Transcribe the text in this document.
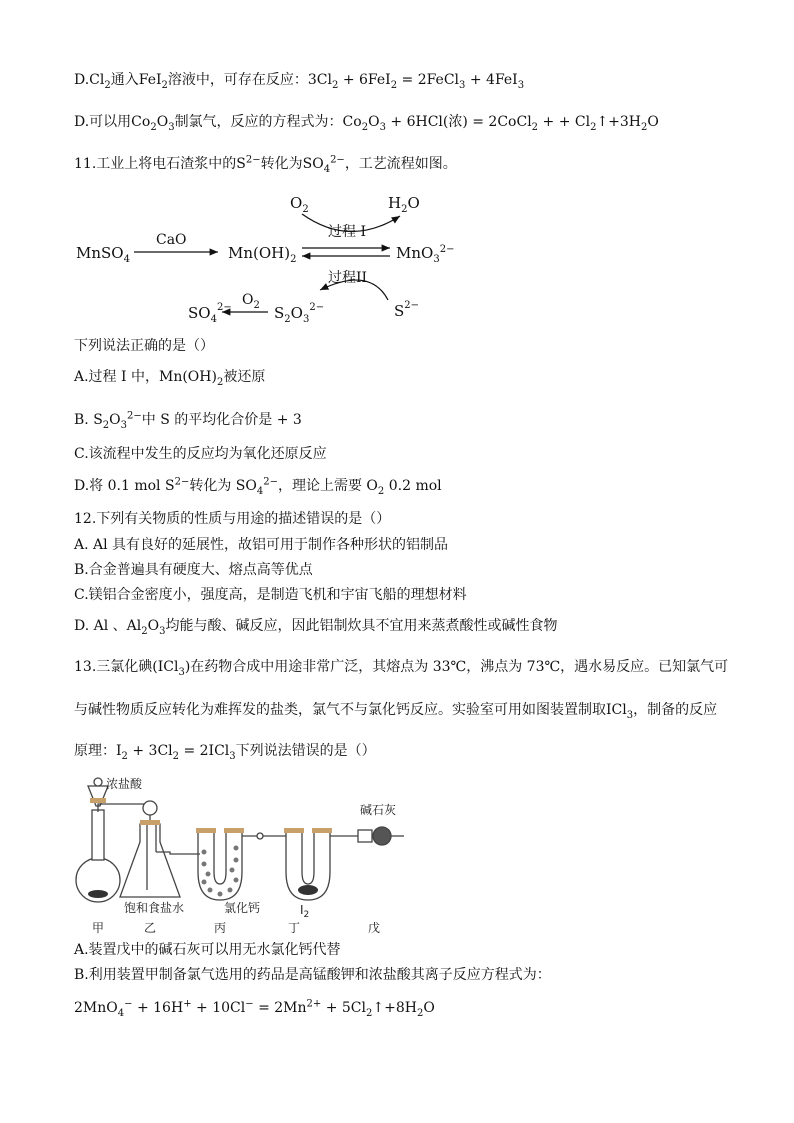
$D.Cl_2$通入FeI$_2$溶液中，可存在反应：$3Cl_2 + 6FeI_2$ = 2FeCl$_3$ + 4FeI$_3$
D.可以用$Co_2O_3$制氯气，反应的方程式为：$Co_2O_3 + 6HCl$(浓) = 2CoCl$_2$ + + $Cl_2↑+3H_2O$
11.工业上将电石渣浆中的$S^{2-}$转化为$SO_4^{2-}$，工艺流程如图。
$O_2$	$H_2O$
过程 I
MnSO$_4$
CaO
$Mn(OH)_2$	MnO$_3^{2-}$
过程II
$S^{2-}$
$S_2O_3^{2-}$
$O_2$
$SO_4^{2-}$
下列说法正确的是（）
A.过程 I 中，$Mn(OH)_2$被还原
B. $S_2O_3^{2-}$中 S 的平均化合价是 + 3
C.该流程中发生的反应均为氧化还原反应
D.将 0.1 mol $S^{2-}$转化为 $SO_4^{2-}$，理论上需要 $O_2$ 0.2 mol
12.下列有关物质的性质与用途的描述错误的是（）
A. Al 具有良好的延展性，故铝可用于制作各种形状的铝制品
B.合金普遍具有硬度大、熔点高等优点
C.镁铝合金密度小，强度高，是制造飞机和宇宙飞船的理想材料
D. Al 、$Al_2O_3$均能与酸、碱反应，因此铝制炊具不宜用来蒸煮酸性或碱性食物
13.三氯化碘(ICl$_3$)在药物合成中用途非常广泛，其熔点为 33℃，沸点为 73℃，遇水易反应。已知氯气可
与碱性物质反应转化为难挥发的盐类，氯气不与氯化钙反应。实验室可用如图装置制取ICl$_3$，制备的反应
原理：$I_2 + 3Cl_2 = 2ICl_3$下列说法错误的是（）
浓盐酸
碱石灰
饱和食盐水	氯化钙	$I_2$
甲	乙	丙	丁	戊
A.装置戊中的碱石灰可以用无水氯化钙代替
B.利用装置甲制备氯气选用的药品是高锰酸钾和浓盐酸其离子反应方程式为：
$2MnO_4^- + 16H^+ + 10Cl^- = 2Mn^{2+}$ + $5Cl_2↑+8H_2O$
